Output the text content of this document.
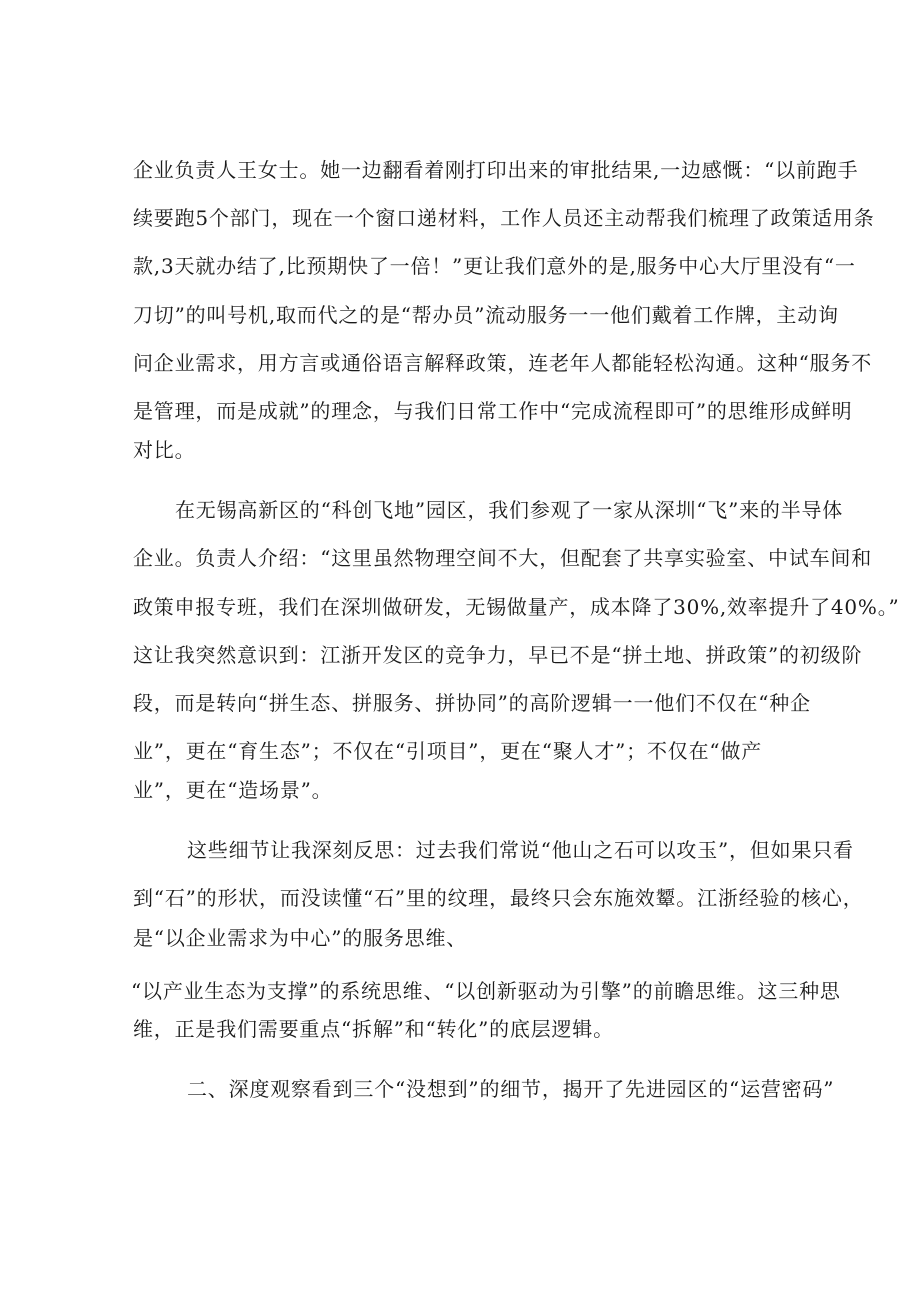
企业负责人王女士。她一边翻看着刚打印出来的审批结果,一边感慨：“以前跑手
续要跑5个部门，现在一个窗口递材料，工作人员还主动帮我们梳理了政策适用条
款,3天就办结了,比预期快了一倍！”更让我们意外的是,服务中心大厅里没有“一
刀切”的叫号机,取而代之的是“帮办员”流动服务一一他们戴着工作牌，主动询
问企业需求，用方言或通俗语言解释政策，连老年人都能轻松沟通。这种“服务不
是管理，而是成就”的理念，与我们日常工作中“完成流程即可”的思维形成鲜明
对比。
在无锡高新区的“科创飞地”园区，我们参观了一家从深圳“飞”来的半导体
企业。负责人介绍：“这里虽然物理空间不大，但配套了共享实验室、中试车间和
政策申报专班，我们在深圳做研发，无锡做量产，成本降了30%,效率提升了40%。”
这让我突然意识到：江浙开发区的竞争力，早已不是“拼土地、拼政策”的初级阶
段，而是转向“拼生态、拼服务、拼协同”的高阶逻辑一一他们不仅在“种企
业”，更在“育生态”；不仅在“引项目”，更在“聚人才”；不仅在“做产
业”，更在“造场景”。
这些细节让我深刻反思：过去我们常说“他山之石可以攻玉”，但如果只看
到“石”的形状，而没读懂“石”里的纹理，最终只会东施效颦。江浙经验的核心，
是“以企业需求为中心”的服务思维、
“以产业生态为支撑”的系统思维、“以创新驱动为引擎”的前瞻思维。这三种思
维，正是我们需要重点“拆解”和“转化”的底层逻辑。
二、深度观察看到三个“没想到”的细节，揭开了先进园区的“运营密码”
